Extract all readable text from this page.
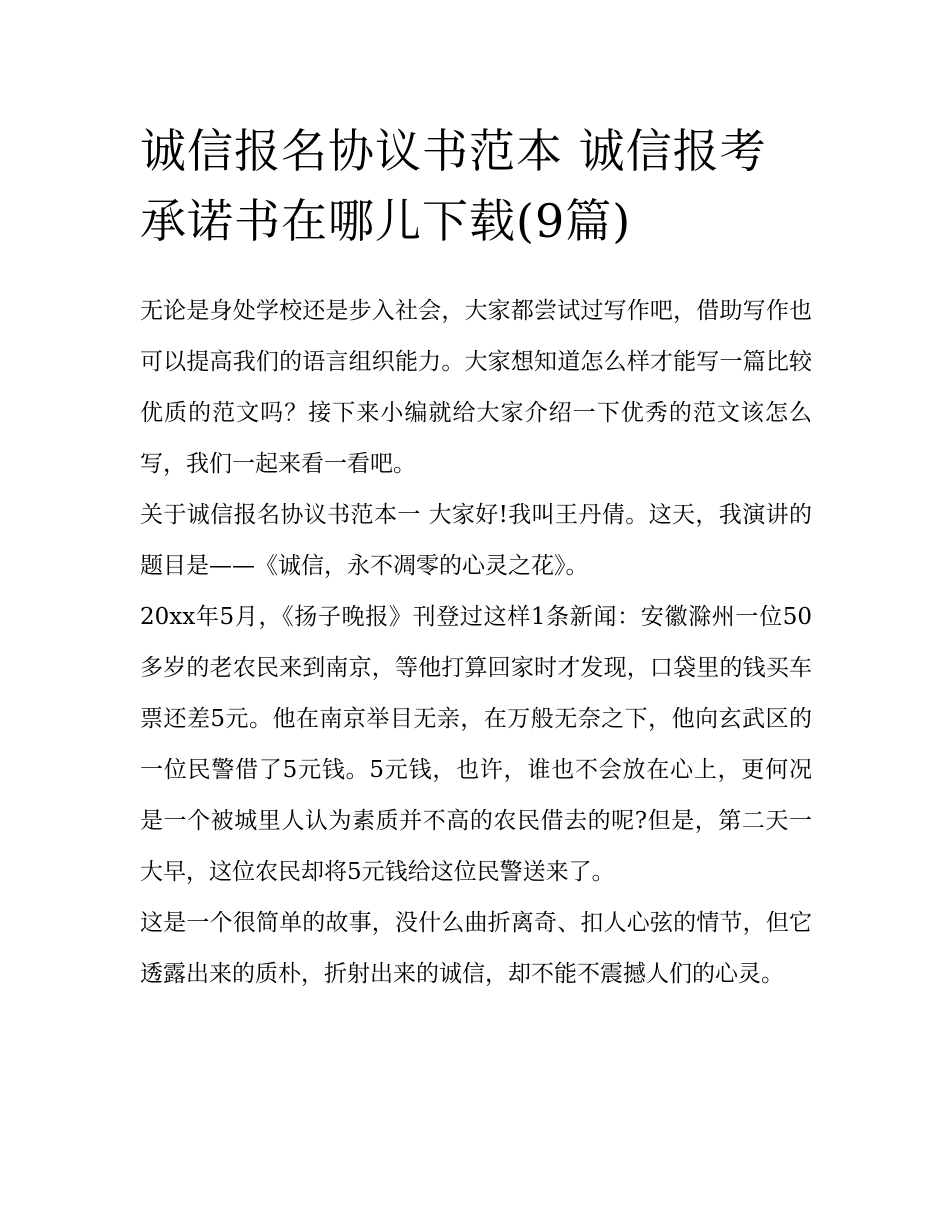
诚信报名协议书范本 诚信报考承诺书在哪儿下载(9篇)

无论是身处学校还是步入社会，大家都尝试过写作吧，借助写作也可以提高我们的语言组织能力。大家想知道怎么样才能写一篇比较优质的范文吗？接下来小编就给大家介绍一下优秀的范文该怎么写，我们一起来看一看吧。

关于诚信报名协议书范本一 大家好!我叫王丹倩。这天，我演讲的题目是——《诚信，永不凋零的心灵之花》。

20xx年5月，《扬子晚报》刊登过这样1条新闻：安徽滁州一位50多岁的老农民来到南京，等他打算回家时才发现，口袋里的钱买车票还差5元。他在南京举目无亲，在万般无奈之下，他向玄武区的一位民警借了5元钱。5元钱，也许，谁也不会放在心上，更何况是一个被城里人认为素质并不高的农民借去的呢?但是，第二天一大早，这位农民却将5元钱给这位民警送来了。

这是一个很简单的故事，没什么曲折离奇、扣人心弦的情节，但它透露出来的质朴，折射出来的诚信，却不能不震撼人们的心灵。
